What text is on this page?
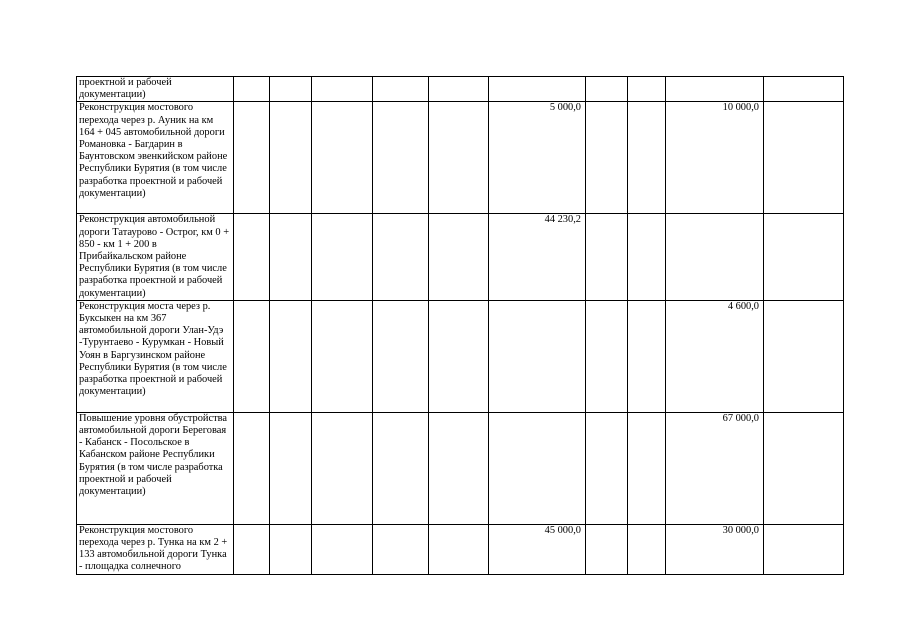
проектной и рабочей документации)										
Реконструкция мостового перехода через р. Ауник на км 164 + 045 автомобильной дороги Романовка - Багдарин в Баунтовском эвенкийском районе Республики Бурятия (в том числе разработка проектной и рабочей документации)						5 000,0			10 000,0	
Реконструкция автомобильной дороги Татаурово - Острог, км 0 + 850 - км 1 + 200 в Прибайкальском районе Республики Бурятия (в том числе разработка проектной и рабочей документации)						44 230,2				
Реконструкция моста через р. Буксыкен на км 367 автомобильной дороги Улан-Удэ -Турунтаево - Курумкан - Новый Уоян в Баргузинском районе Республики Бурятия (в том числе разработка проектной и рабочей документации)									4 600,0	
Повышение уровня обустройства автомобильной дороги Береговая - Кабанск - Посольское в Кабанском районе Республики Бурятия (в том числе разработка проектной и рабочей документации)									67 000,0	
Реконструкция мостового перехода через р. Тунка на км 2 + 133 автомобильной дороги Тунка - площадка солнечного						45 000,0			30 000,0	
